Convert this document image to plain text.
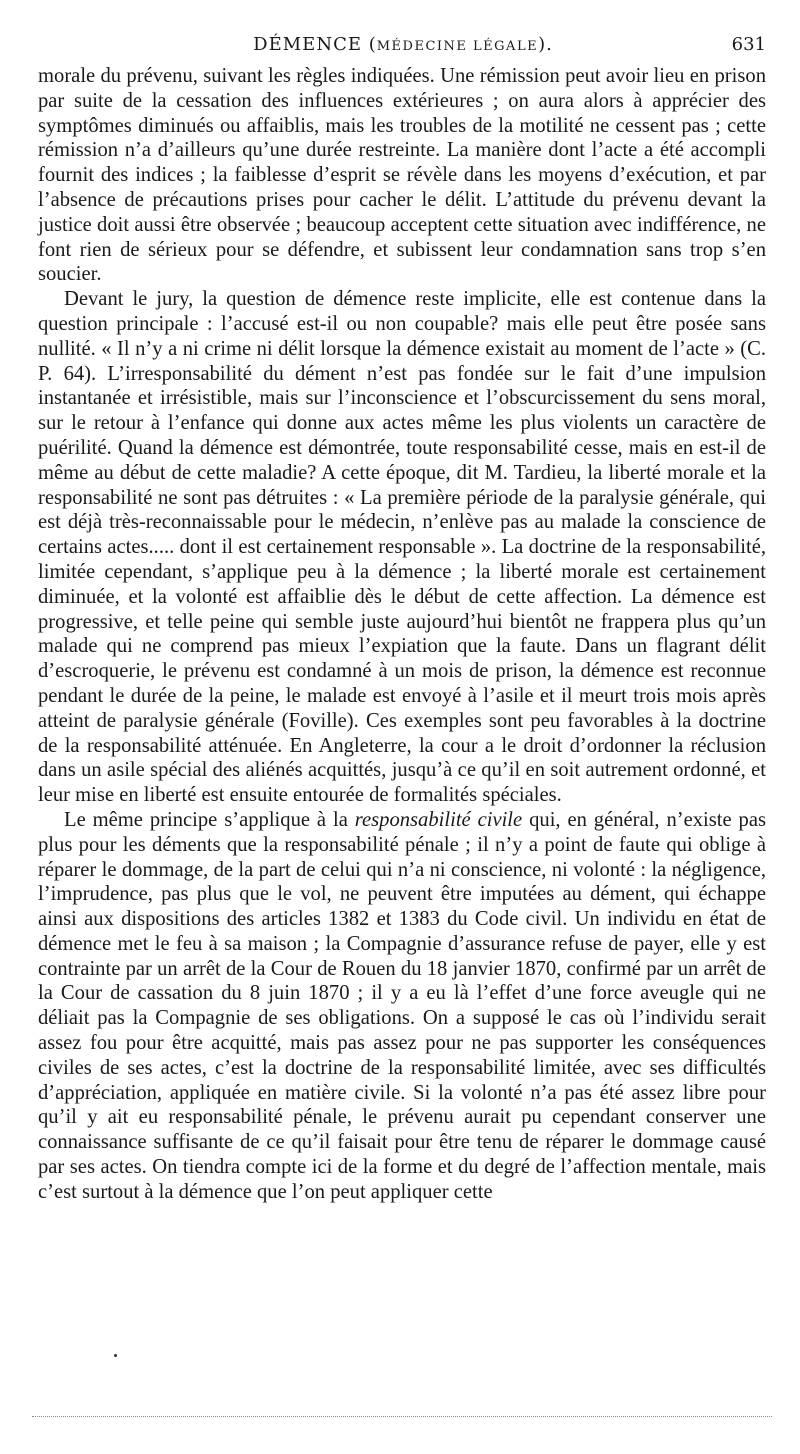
DÉMENCE (MÉDECINE LÉGALE).	631

morale du prévenu, suivant les règles indiquées. Une rémission peut avoir lieu en prison par suite de la cessation des influences extérieures ; on aura alors à apprécier des symptômes diminués ou affaiblis, mais les troubles de la motilité ne cessent pas ; cette rémission n’a d’ailleurs qu’une durée restreinte. La manière dont l’acte a été accompli fournit des indices ; la faiblesse d’esprit se révèle dans les moyens d’exécution, et par l’absence de précautions prises pour cacher le délit. L’attitude du prévenu devant la justice doit aussi être observée ; beaucoup acceptent cette situation avec indifférence, ne font rien de sérieux pour se défendre, et subissent leur condamnation sans trop s’en soucier.

Devant le jury, la question de démence reste implicite, elle est contenue dans la question principale : l’accusé est-il ou non coupable? mais elle peut être posée sans nullité. « Il n’y a ni crime ni délit lorsque la démence existait au moment de l’acte » (C. P. 64). L’irresponsabilité du dément n’est pas fondée sur le fait d’une impulsion instantanée et irrésistible, mais sur l’inconscience et l’obscurcissement du sens moral, sur le retour à l’enfance qui donne aux actes même les plus violents un caractère de puérilité. Quand la démence est démontrée, toute responsabilité cesse, mais en est-il de même au début de cette maladie? A cette époque, dit M. Tardieu, la liberté morale et la responsabilité ne sont pas détruites : « La première période de la paralysie générale, qui est déjà très-reconnaissable pour le médecin, n’enlève pas au malade la conscience de certains actes..... dont il est certainement responsable ». La doctrine de la responsabilité, limitée cependant, s’applique peu à la démence ; la liberté morale est certainement diminuée, et la volonté est affaiblie dès le début de cette affection. La démence est progressive, et telle peine qui semble juste aujourd’hui bientôt ne frappera plus qu’un malade qui ne comprend pas mieux l’expiation que la faute. Dans un flagrant délit d’escroquerie, le prévenu est condamné à un mois de prison, la démence est reconnue pendant le durée de la peine, le malade est envoyé à l’asile et il meurt trois mois après atteint de paralysie générale (Foville). Ces exemples sont peu favorables à la doctrine de la responsabilité atténuée. En Angleterre, la cour a le droit d’ordonner la réclusion dans un asile spécial des aliénés acquittés, jusqu’à ce qu’il en soit autrement ordonné, et leur mise en liberté est ensuite entourée de formalités spéciales.

Le même principe s’applique à la responsabilité civile qui, en général, n’existe pas plus pour les déments que la responsabilité pénale ; il n’y a point de faute qui oblige à réparer le dommage, de la part de celui qui n’a ni conscience, ni volonté : la négligence, l’imprudence, pas plus que le vol, ne peuvent être imputées au dément, qui échappe ainsi aux dispositions des articles 1382 et 1383 du Code civil. Un individu en état de démence met le feu à sa maison ; la Compagnie d’assurance refuse de payer, elle y est contrainte par un arrêt de la Cour de Rouen du 18 janvier 1870, confirmé par un arrêt de la Cour de cassation du 8 juin 1870 ; il y a eu là l’effet d’une force aveugle qui ne déliait pas la Compagnie de ses obligations. On a supposé le cas où l’individu serait assez fou pour être acquitté, mais pas assez pour ne pas supporter les conséquences civiles de ses actes, c’est la doctrine de la responsabilité limitée, avec ses difficultés d’appréciation, appliquée en matière civile. Si la volonté n’a pas été assez libre pour qu’il y ait eu responsabilité pénale, le prévenu aurait pu cependant conserver une connaissance suffisante de ce qu’il faisait pour être tenu de réparer le dommage causé par ses actes. On tiendra compte ici de la forme et du degré de l’affection mentale, mais c’est surtout à la démence que l’on peut appliquer cette
